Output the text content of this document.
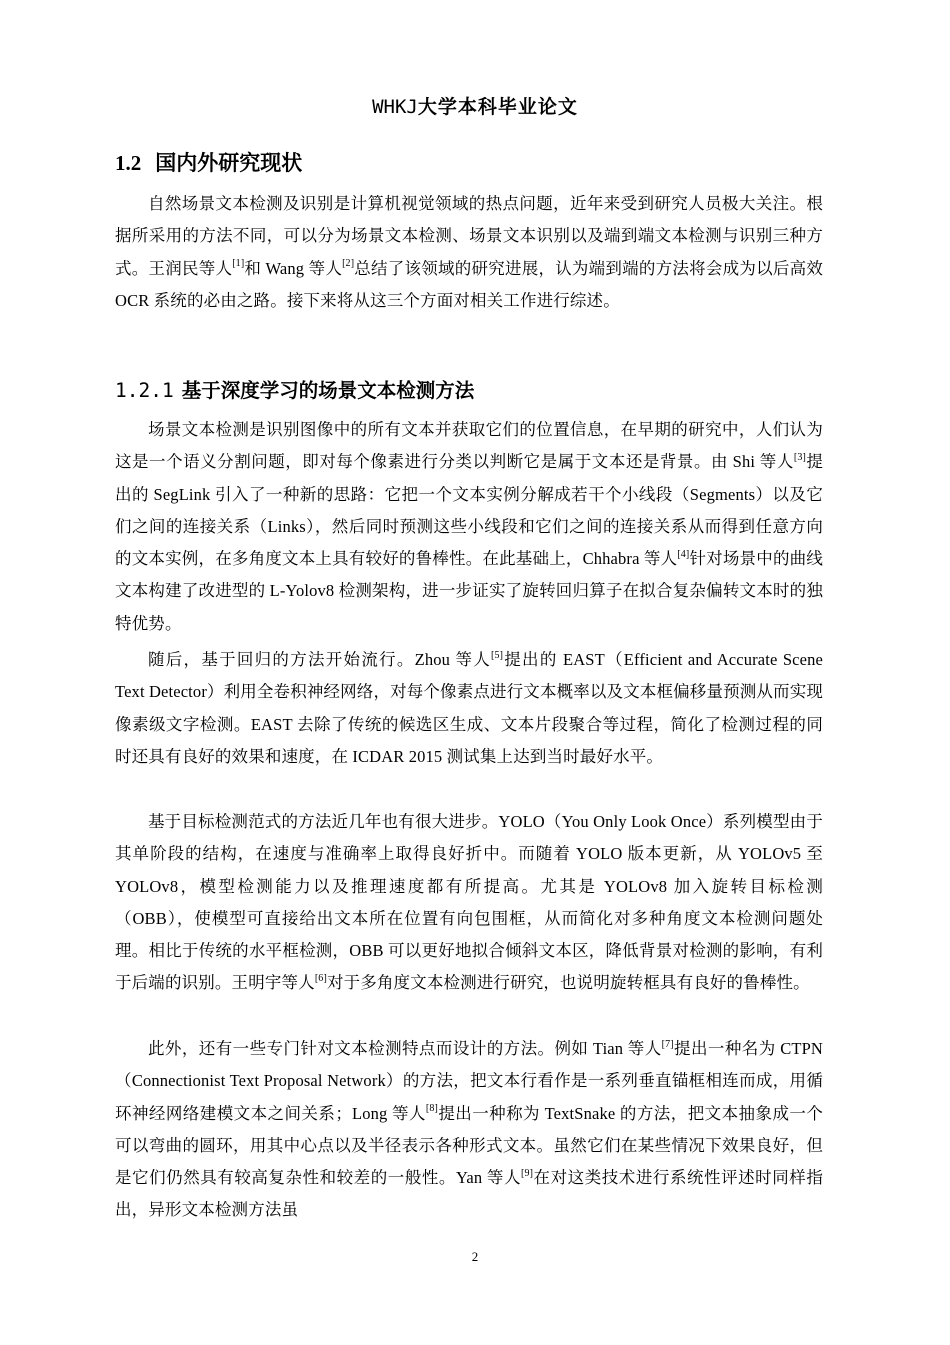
WHKJ大学本科毕业论文
1.2 国内外研究现状

自然场景文本检测及识别是计算机视觉领域的热点问题，近年来受到研究人员极大关注。根据所采用的方法不同，可以分为场景文本检测、场景文本识别以及端到端文本检测与识别三种方式。王润民等人[1]和 Wang 等人[2]总结了该领域的研究进展，认为端到端的方法将会成为以后高效 OCR 系统的必由之路。接下来将从这三个方面对相关工作进行综述。

1.2.1 基于深度学习的场景文本检测方法

场景文本检测是识别图像中的所有文本并获取它们的位置信息，在早期的研究中，人们认为这是一个语义分割问题，即对每个像素进行分类以判断它是属于文本还是背景。由 Shi 等人[3]提出的 SegLink 引入了一种新的思路：它把一个文本实例分解成若干个小线段（Segments）以及它们之间的连接关系（Links），然后同时预测这些小线段和它们之间的连接关系从而得到任意方向的文本实例，在多角度文本上具有较好的鲁棒性。在此基础上，Chhabra 等人[4]针对场景中的曲线文本构建了改进型的 L-Yolov8 检测架构，进一步证实了旋转回归算子在拟合复杂偏转文本时的独特优势。

随后，基于回归的方法开始流行。Zhou 等人[5]提出的 EAST（Efficient and Accurate Scene Text Detector）利用全卷积神经网络，对每个像素点进行文本概率以及文本框偏移量预测从而实现像素级文字检测。EAST 去除了传统的候选区生成、文本片段聚合等过程，简化了检测过程的同时还具有良好的效果和速度，在 ICDAR 2015 测试集上达到当时最好水平。

基于目标检测范式的方法近几年也有很大进步。YOLO（You Only Look Once）系列模型由于其单阶段的结构，在速度与准确率上取得良好折中。而随着 YOLO 版本更新，从 YOLOv5 至 YOLOv8，模型检测能力以及推理速度都有所提高。尤其是 YOLOv8 加入旋转目标检测（OBB），使模型可直接给出文本所在位置有向包围框，从而简化对多种角度文本检测问题处理。相比于传统的水平框检测，OBB 可以更好地拟合倾斜文本区，降低背景对检测的影响，有利于后端的识别。王明宇等人[6]对于多角度文本检测进行研究，也说明旋转框具有良好的鲁棒性。

此外，还有一些专门针对文本检测特点而设计的方法。例如 Tian 等人[7]提出一种名为 CTPN（Connectionist Text Proposal Network）的方法，把文本行看作是一系列垂直锚框相连而成，用循环神经网络建模文本之间关系；Long 等人[8]提出一种称为 TextSnake 的方法，把文本抽象成一个可以弯曲的圆环，用其中心点以及半径表示各种形式文本。虽然它们在某些情况下效果良好，但是它们仍然具有较高复杂性和较差的一般性。Yan 等人[9]在对这类技术进行系统性评述时同样指出，异形文本检测方法虽

2
